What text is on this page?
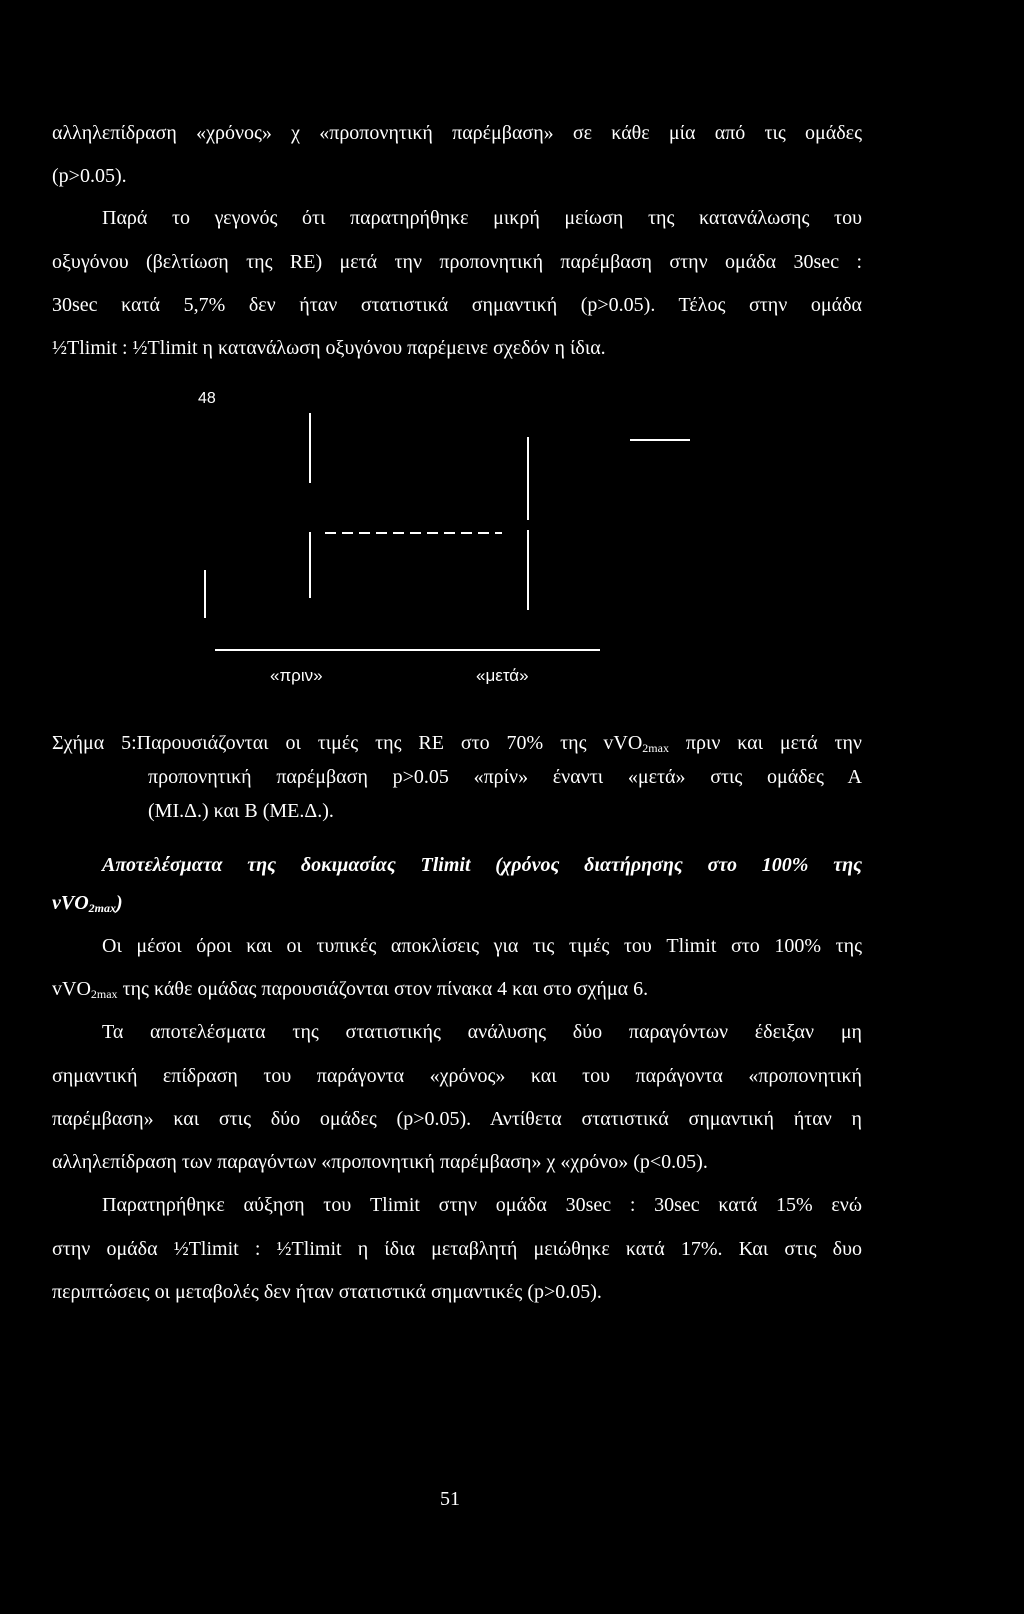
αλληλεπίδραση «χρόνος» χ «προπονητική παρέμβαση» σε κάθε μία από τις ομάδες
(p>0.05).
Παρά το γεγονός ότι παρατηρήθηκε μικρή μείωση της κατανάλωσης του
οξυγόνου (βελτίωση της RE) μετά την προπονητική παρέμβαση στην ομάδα 30sec :
30sec κατά 5,7% δεν ήταν στατιστικά σημαντική (p>0.05). Τέλος στην ομάδα
½Tlimit : ½Tlimit η κατανάλωση οξυγόνου παρέμεινε σχεδόν η ίδια.
48
«πριν»	«μετά»
Σχήμα 5:Παρουσιάζονται οι τιμές της RE στο 70% της vVO$_{2max}$ πριν και μετά την
προπονητική παρέμβαση p>0.05 «πρίν» έναντι «μετά» στις ομάδες Α
(ΜΙ.Δ.) και Β (ΜΕ.Δ.).
Αποτελέσματα της δοκιμασίας Tlimit (χρόνος διατήρησης στο 100% της
vVO$_{2max}$)
Οι μέσοι όροι και οι τυπικές αποκλίσεις για τις τιμές του Tlimit στο 100% της
vVO$_{2max}$ της κάθε ομάδας παρουσιάζονται στον πίνακα 4 και στο σχήμα 6.
Τα αποτελέσματα της στατιστικής ανάλυσης δύο παραγόντων έδειξαν μη
σημαντική επίδραση του παράγοντα «χρόνος» και του παράγοντα «προπονητική
παρέμβαση» και στις δύο ομάδες (p>0.05). Αντίθετα στατιστικά σημαντική ήταν η
αλληλεπίδραση των παραγόντων «προπονητική παρέμβαση» χ «χρόνο» (p<0.05).
Παρατηρήθηκε αύξηση του Tlimit στην ομάδα 30sec : 30sec κατά 15% ενώ
στην ομάδα ½Tlimit : ½Tlimit η ίδια μεταβλητή μειώθηκε κατά 17%. Και στις δυο
περιπτώσεις οι μεταβολές δεν ήταν στατιστικά σημαντικές (p>0.05).
51
